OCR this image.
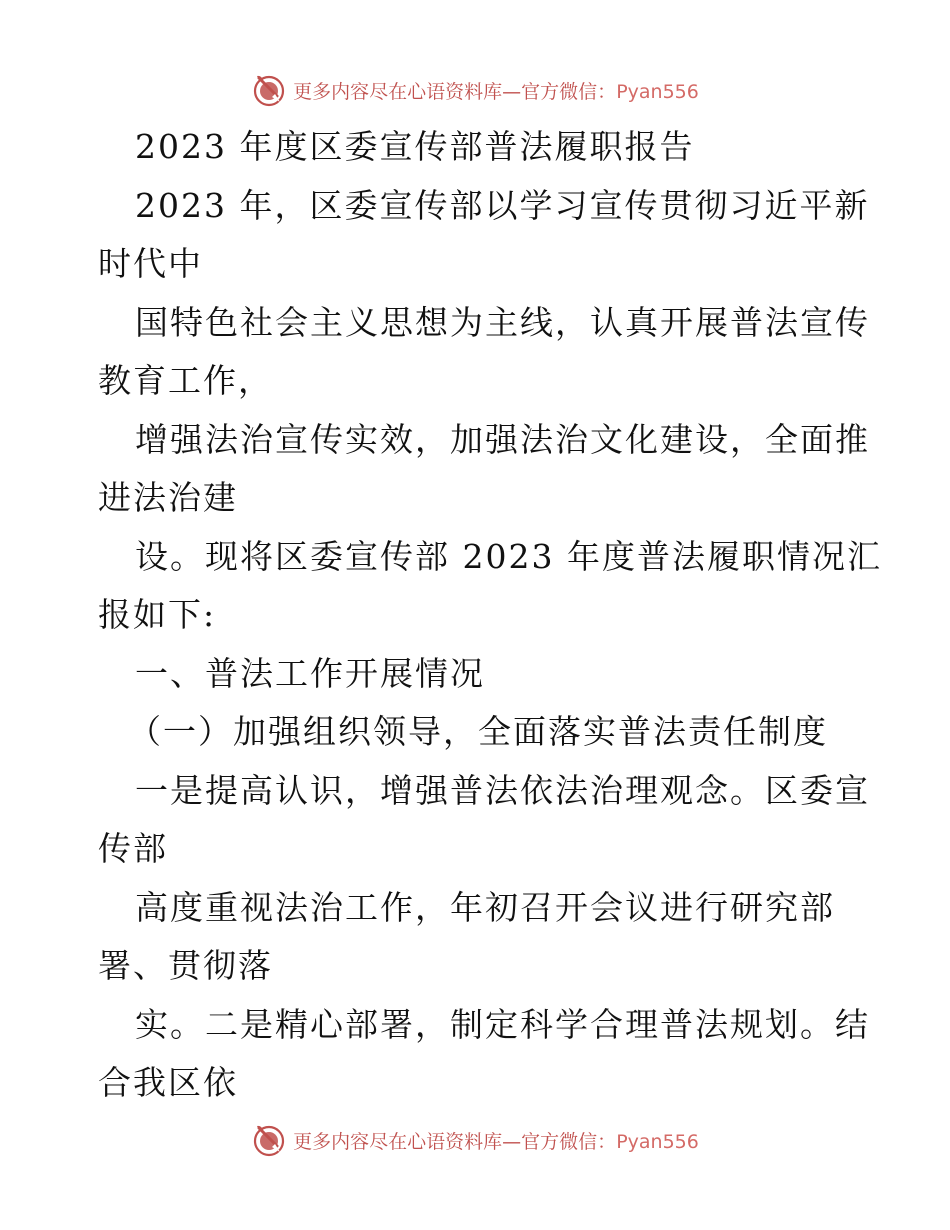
更多内容尽在心语资料库—官方微信：Pyan556
2023 年度区委宣传部普法履职报告
2023 年，区委宣传部以学习宣传贯彻习近平新
时代中
国特色社会主义思想为主线，认真开展普法宣传
教育工作，
增强法治宣传实效，加强法治文化建设，全面推
进法治建
设。现将区委宣传部 2023 年度普法履职情况汇
报如下:
一、普法工作开展情况
（一）加强组织领导，全面落实普法责任制度
一是提高认识，增强普法依法治理观念。区委宣
传部
高度重视法治工作，年初召开会议进行研究部
署、贯彻落
实。二是精心部署，制定科学合理普法规划。结
合我区依
更多内容尽在心语资料库—官方微信：Pyan556
